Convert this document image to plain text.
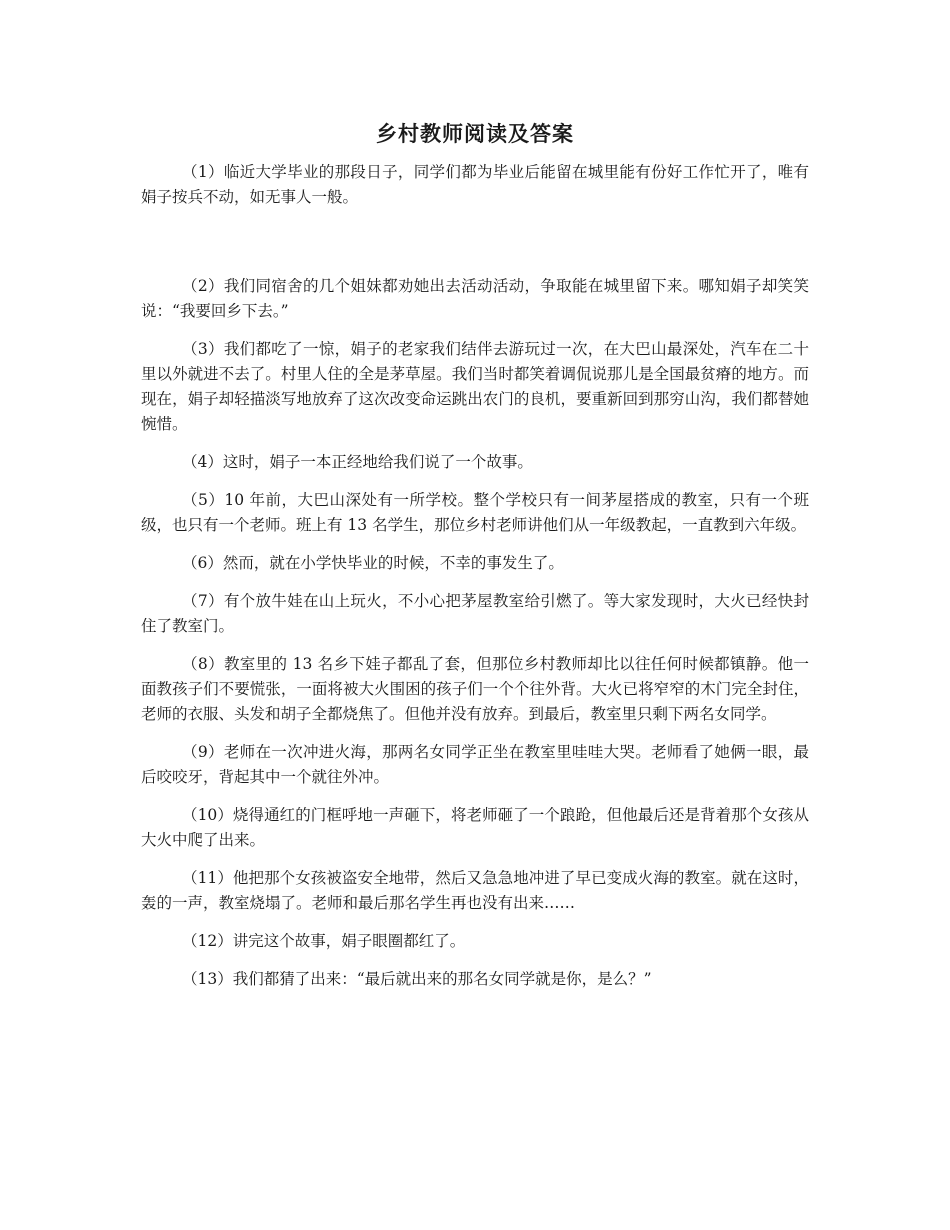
乡村教师阅读及答案

（1）临近大学毕业的那段日子，同学们都为毕业后能留在城里能有份好工作忙开了，唯有娟子按兵不动，如无事人一般。

（2）我们同宿舍的几个姐妹都劝她出去活动活动，争取能在城里留下来。哪知娟子却笑笑说：“我要回乡下去。”

（3）我们都吃了一惊，娟子的老家我们结伴去游玩过一次，在大巴山最深处，汽车在二十里以外就进不去了。村里人住的全是茅草屋。我们当时都笑着调侃说那儿是全国最贫瘠的地方。而现在，娟子却轻描淡写地放弃了这次改变命运跳出农门的良机，要重新回到那穷山沟，我们都替她惋惜。

（4）这时，娟子一本正经地给我们说了一个故事。

（5）10 年前，大巴山深处有一所学校。整个学校只有一间茅屋搭成的教室，只有一个班级，也只有一个老师。班上有 13 名学生，那位乡村老师讲他们从一年级教起，一直教到六年级。

（6）然而，就在小学快毕业的时候，不幸的事发生了。

（7）有个放牛娃在山上玩火，不小心把茅屋教室给引燃了。等大家发现时，大火已经快封住了教室门。

（8）教室里的 13 名乡下娃子都乱了套，但那位乡村教师却比以往任何时候都镇静。他一面教孩子们不要慌张，一面将被大火围困的孩子们一个个往外背。大火已将窄窄的木门完全封住，老师的衣服、头发和胡子全都烧焦了。但他并没有放弃。到最后，教室里只剩下两名女同学。

（9）老师在一次冲进火海，那两名女同学正坐在教室里哇哇大哭。老师看了她俩一眼，最后咬咬牙，背起其中一个就往外冲。

（10）烧得通红的门框呼地一声砸下，将老师砸了一个踉跄，但他最后还是背着那个女孩从大火中爬了出来。

（11）他把那个女孩被盗安全地带，然后又急急地冲进了早已变成火海的教室。就在这时，轰的一声，教室烧塌了。老师和最后那名学生再也没有出来……

（12）讲完这个故事，娟子眼圈都红了。

（13）我们都猜了出来：“最后就出来的那名女同学就是你，是么？”
